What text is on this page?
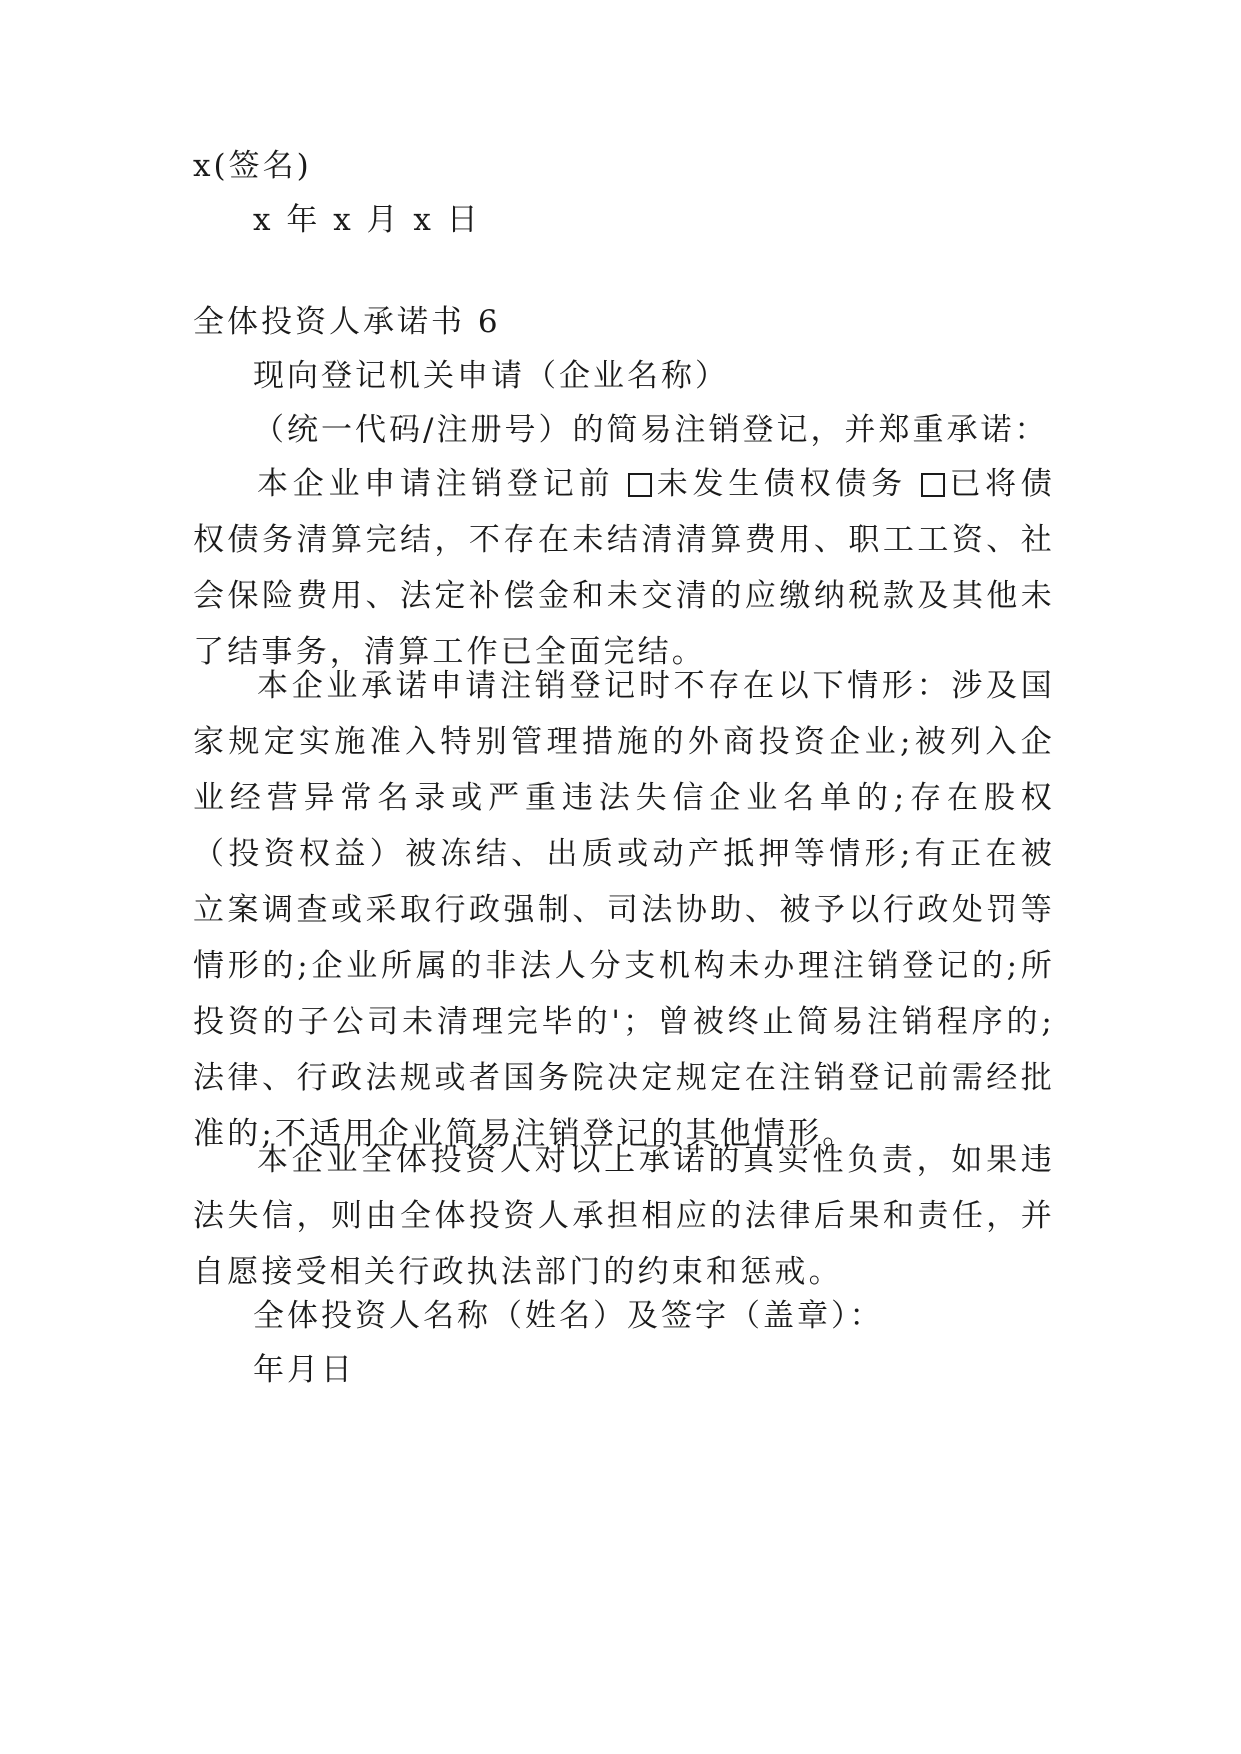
x(签名)
x 年 x 月 x 日
全体投资人承诺书 6
现向登记机关申请（企业名称）
（统一代码/注册号）的简易注销登记，并郑重承诺：
本企业申请注销登记前 未发生债权债务 已将债权债务清算完结，不存在未结清清算费用、职工工资、社会保险费用、法定补偿金和未交清的应缴纳税款及其他未了结事务，清算工作已全面完结。
本企业承诺申请注销登记时不存在以下情形：涉及国家规定实施准入特别管理措施的外商投资企业;被列入企业经营异常名录或严重违法失信企业名单的;存在股权（投资权益）被冻结、出质或动产抵押等情形;有正在被立案调查或采取行政强制、司法协助、被予以行政处罚等情形的;企业所属的非法人分支机构未办理注销登记的;所投资的子公司未清理完毕的'；曾被终止简易注销程序的;法律、行政法规或者国务院决定规定在注销登记前需经批准的;不适用企业简易注销登记的其他情形。
本企业全体投资人对以上承诺的真实性负责，如果违法失信，则由全体投资人承担相应的法律后果和责任，并自愿接受相关行政执法部门的约束和惩戒。
全体投资人名称（姓名）及签字（盖章）：
年月日
